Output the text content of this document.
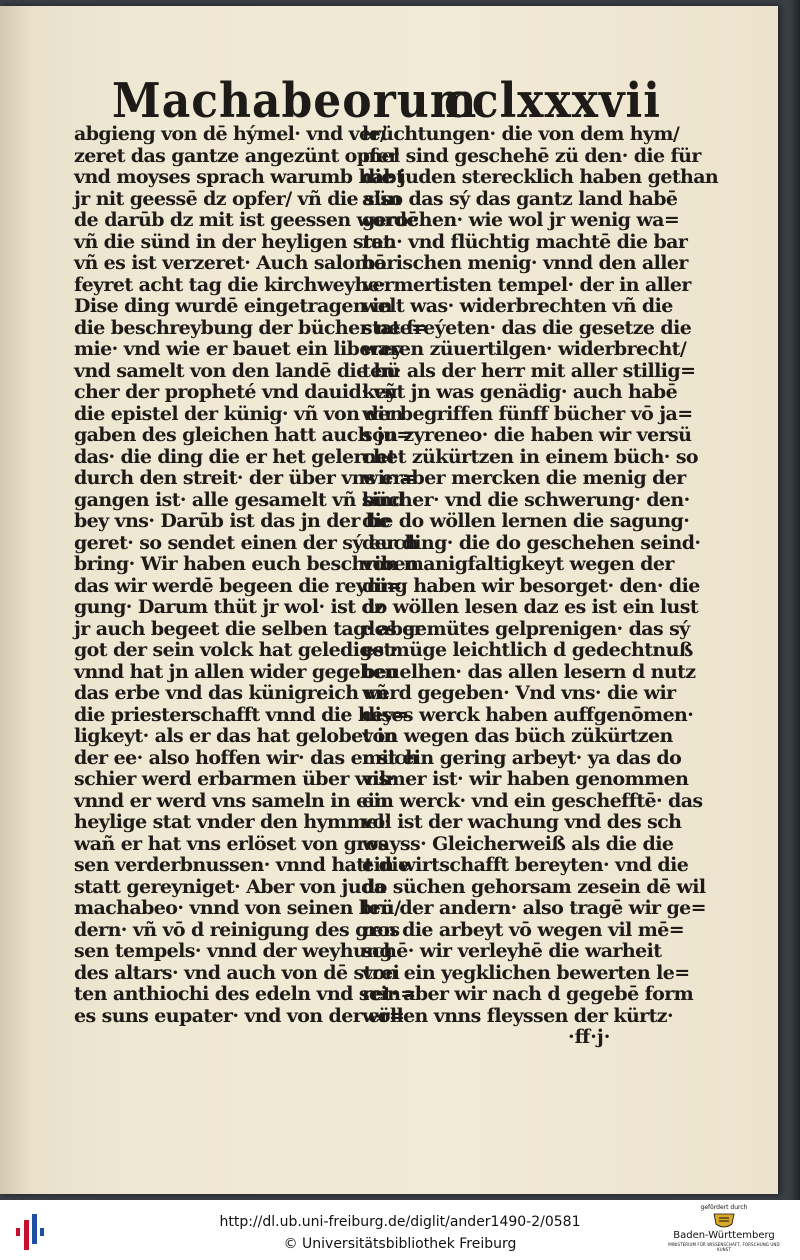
Machabeorum
cclxxxvii
abgieng von dē hýmel· vnd ver/
zeret das gantze angezünt opfer
vnd moyses sprach warumb habt
jr nit geessē dz opfer/ vñ die sün
de darūb dz mit ist geessen wordē
vñ die sünd in der heyligen stat
vñ es ist verzeret· Auch salomō
feyret acht tag die kirchweyhe·
Dise ding wurdē eingetragen in
die beschreybung der bücher nee=
mie· vnd wie er bauet ein liberey
vnd samelt von den landē die bü
cher der propheté vnd dauid· vñ
die epistel der künig· vñ von den
gaben des gleichen hatt auch ju=
das· die ding die er het gelernet
durch den streit· der über vns er=
gangen ist· alle gesamelt vñ sind
bey vns· Darūb ist das jn der be
geret· so sendet einen der sý euch
bring· Wir haben euch beschriben
das wir werdē begeen die reyni=
gung· Darum thüt jr wol· ist dz
jr auch begeet die selben tag· aber
got der sein volck hat gelediget·
vnnd hat jn allen wider gegeben
das erbe vnd das künigreich vñ
die priesterschafft vnnd die hey=
ligkeyt· als er das hat gelobet in
der ee· also hoffen wir· das er sich
schier werd erbarmen über vns·
vnnd er werd vns sameln in ein
heylige stat vnder den hymmel·
wañ er hat vns erlöset von gros
sen verderbnussen· vnnd hatt die
statt gereyniget· Aber von juda
machabeo· vnnd von seinen brü/
dern· vñ vō d reinigung des gros
sen tempels· vnnd der weyhung
des altars· vnd auch von dē strei
ten anthiochi des edeln vnd sein=
es suns eupater· vnd von der er=
leüchtungen· die von dem hym/
mel sind geschehē zü den· die für
die juden sterecklich haben gethan
also das sý das gantz land habē
gerochen· wie wol jr wenig wa=
ren· vnd flüchtig machtē die bar
barischen menig· vnnd den aller
vermertisten tempel· der in aller
welt was· widerbrechten vñ die
stat freýeten· das die gesetze die
waren züuertilgen· widerbrecht/
ten· als der herr mit aller stillig=
keyt jn was genädig· auch habē
wir begriffen fünff bücher vō ja=
son zyreneo· die haben wir versü
chet zükürtzen in einem büch· so
wir aber mercken die menig der
bücher· vnd die schwerung· den·
die do wöllen lernen die sagung·
der ding· die do geschehen seind·
von manigfaltigkeyt wegen der
ding haben wir besorget· den· die
do wöllen lesen daz es ist ein lust
des gemütes gelprenigen· das sý
es müge leichtlich d gedechtnuß
beuelhen· das allen lesern d nutz
werd gegeben· Vnd vns· die wir
dises werck haben auffgenōmen·
von wegen das büch zükürtzen
mit ein gering arbeyt· ya das do
vilmer ist· wir haben genommen
ein werck· vnd ein geschefftē· das
vol ist der wachung vnd des sch
wayss· Gleicherweiß als die die
ein wirtschafft bereyten· vnd die
do süchen gehorsam zesein dē wil
len der andern· also tragē wir ge=
ren die arbeyt vō wegen vil mē=
schē· wir verleyhē die warheit
von ein yegklichen bewerten le=
ret· aber wir nach d gegebē form
wöllen vnns fleyssen der kürtz·
·ff·j·
http://dl.ub.uni-freiburg.de/diglit/ander1490-2/0581
© Universitätsbibliothek Freiburg
gefördert durch
Baden-Württemberg
MINISTERIUM FÜR WISSENSCHAFT, FORSCHUNG UND KUNST
